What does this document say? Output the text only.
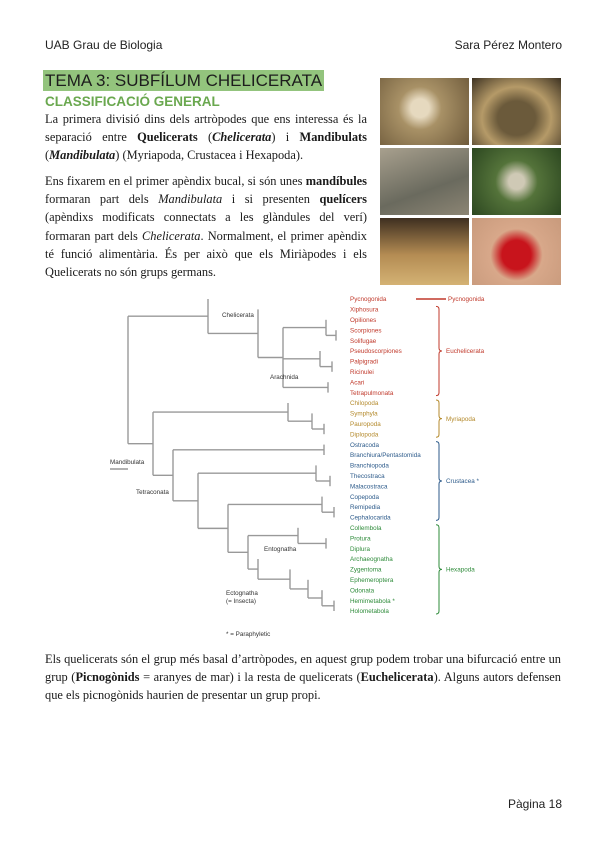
UAB Grau de Biologia	Sara Pérez Montero
TEMA 3: SUBFÍLUM CHELICERATA
CLASSIFICACIÓ GENERAL

La primera divisió dins dels artròpodes que ens interessa és la separació entre Quelicerats (Chelicerata) i Mandibulats (Mandibulata) (Myriapoda, Crustacea i Hexapoda).

Ens fixarem en el primer apèndix bucal, si són unes mandíbules formaran part dels Mandibulata i si presenten quelícers (apèndixs modificats connectats a les glàndules del verí) formaran part dels Chelicerata. Normalment, el primer apèndix té funció alimentària. És per això que els Miriàpodes i els Quelicerats no són grups germans.

Pycnogonida
Xiphosura
Opiliones
Scorpiones
Solifugae
Pseudoscorpiones
Palpigradi
Ricinulei
Acari
Tetrapulmonata
Chilopoda
Symphyla
Pauropoda
Diplopoda
Ostracoda
Branchiura/Pentastomida
Branchiopoda
Thecostraca
Malacostraca
Copepoda
Remipedia
Cephalocarida
Collembola
Protura
Diplura
Archaeognatha
Zygentoma
Ephemeroptera
Odonata
Hemimetabola *
Holometabola
Chelicerata
Arachnida
Mandibulata
Tetraconata
Entognatha
Ectognatha
(= Insecta)
Pycnogonida
Euchelicerata
Myriapoda
Crustacea *
Hexapoda
* = Paraphyletic

Els quelicerats són el grup més basal d’artròpodes, en aquest grup podem trobar una bifurcació entre un grup (Picnogònids = aranyes de mar) i la resta de quelicerats (Euchelicerata). Alguns autors defensen que els picnogònids haurien de presentar un grup propi.

Pàgina 18
